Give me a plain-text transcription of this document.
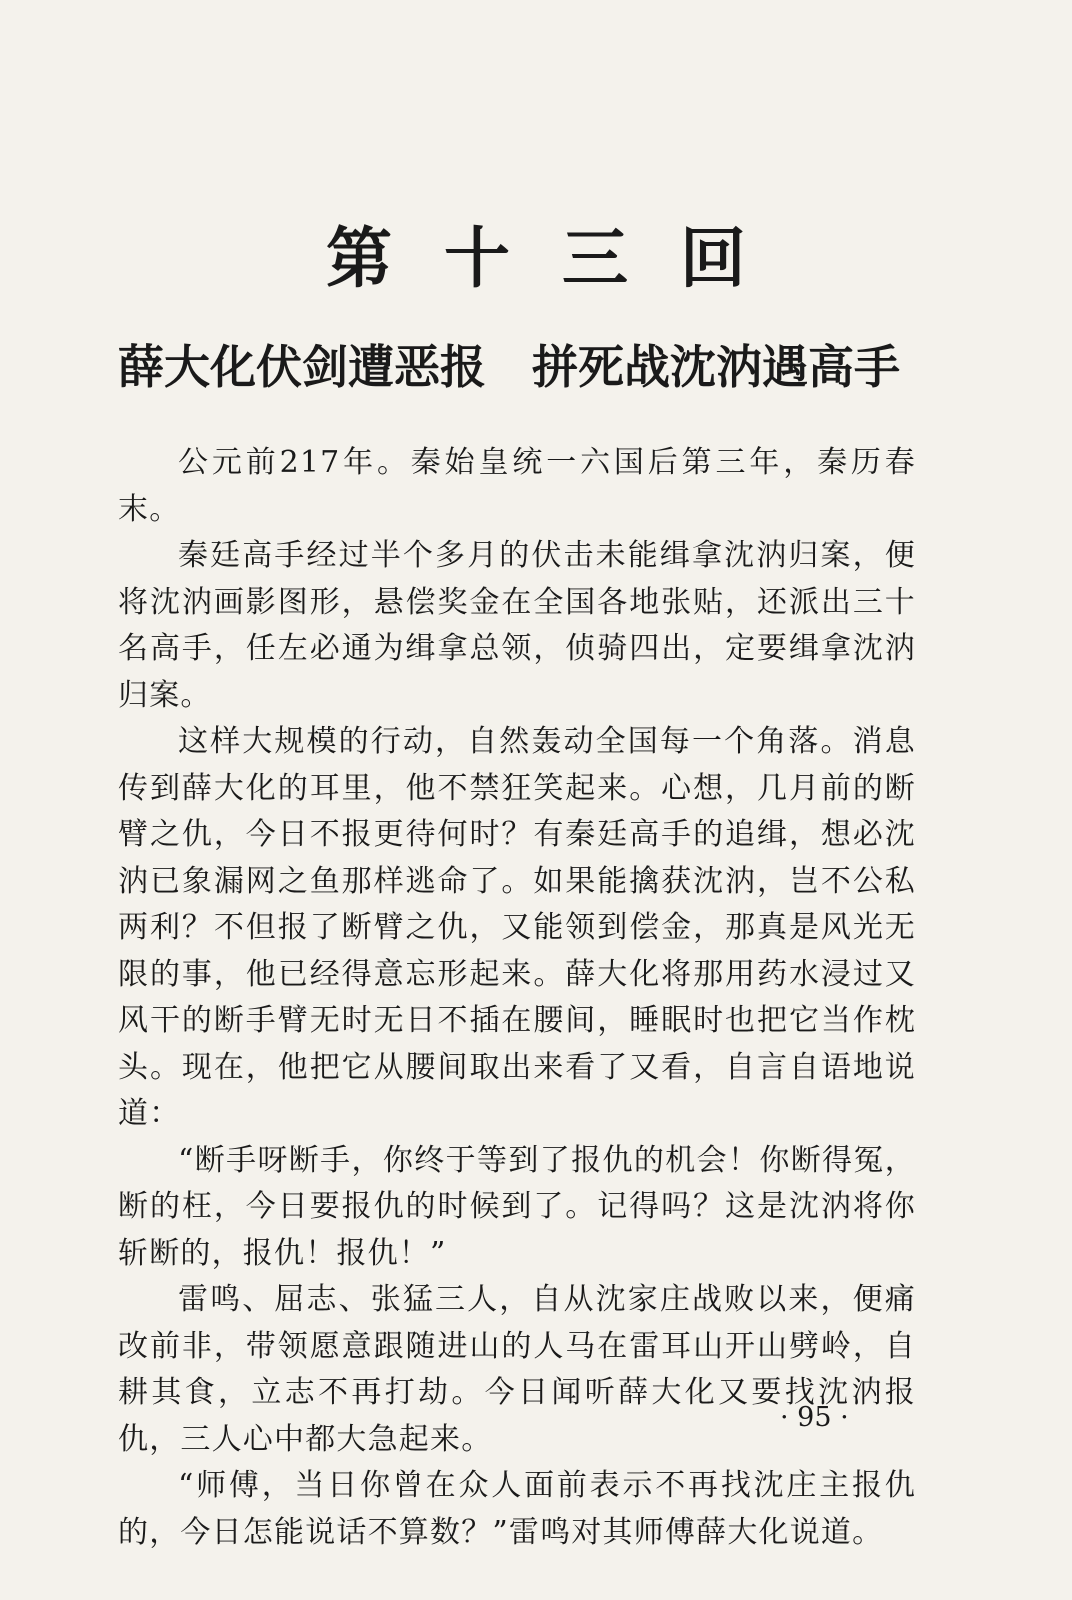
第十三回
薛大化伏剑遭恶报　拼死战沈汭遇高手

公元前217年。秦始皇统一六国后第三年，秦历春末。

秦廷高手经过半个多月的伏击未能缉拿沈汭归案，便将沈汭画影图形，悬偿奖金在全国各地张贴，还派出三十名高手，任左必通为缉拿总领，侦骑四出，定要缉拿沈汭归案。

这样大规模的行动，自然轰动全国每一个角落。消息传到薛大化的耳里，他不禁狂笑起来。心想，几月前的断臂之仇，今日不报更待何时？有秦廷高手的追缉，想必沈汭已象漏网之鱼那样逃命了。如果能擒获沈汭，岂不公私两利？不但报了断臂之仇，又能领到偿金，那真是风光无限的事，他已经得意忘形起来。薛大化将那用药水浸过又风干的断手臂无时无日不插在腰间，睡眠时也把它当作枕头。现在，他把它从腰间取出来看了又看，自言自语地说道：

“断手呀断手，你终于等到了报仇的机会！你断得冤，断的枉，今日要报仇的时候到了。记得吗？这是沈汭将你斩断的，报仇！报仇！”

雷鸣、屈志、张猛三人，自从沈家庄战败以来，便痛改前非，带领愿意跟随进山的人马在雷耳山开山劈岭，自耕其食，立志不再打劫。今日闻听薛大化又要找沈汭报仇，三人心中都大急起来。

“师傅，当日你曾在众人面前表示不再找沈庄主报仇的，今日怎能说话不算数？”雷鸣对其师傅薛大化说道。

· 95 ·
